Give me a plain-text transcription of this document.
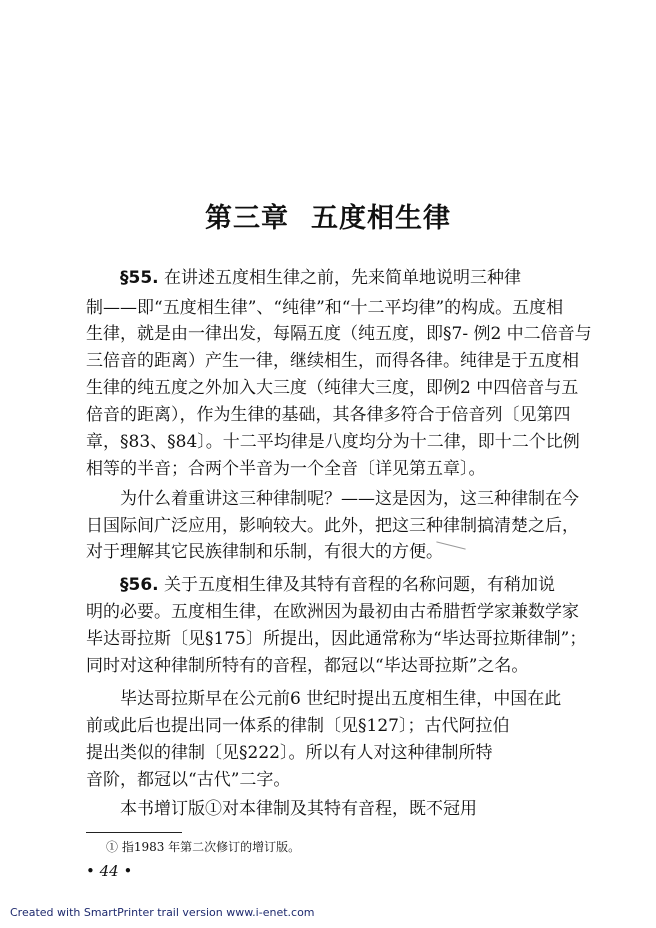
第三章 五度相生律
§55. 在讲述五度相生律之前，先来简单地说明三种律
制——即“五度相生律”、“纯律”和“十二平均律”的构成。五度相
生律，就是由一律出发，每隔五度（纯五度，即§7- 例2 中二倍音与
三倍音的距离）产生一律，继续相生，而得各律。纯律是于五度相
生律的纯五度之外加入大三度（纯律大三度，即例2 中四倍音与五
倍音的距离），作为生律的基础，其各律多符合于倍音列〔见第四
章，§83、§84〕。十二平均律是八度均分为十二律，即十二个比例
相等的半音；合两个半音为一个全音〔详见第五章〕。
为什么着重讲这三种律制呢？——这是因为，这三种律制在今
日国际间广泛应用，影响较大。此外，把这三种律制搞清楚之后，
对于理解其它民族律制和乐制，有很大的方便。
§56. 关于五度相生律及其特有音程的名称问题，有稍加说
明的必要。五度相生律，在欧洲因为最初由古希腊哲学家兼数学家
毕达哥拉斯〔见§175〕所提出，因此通常称为“毕达哥拉斯律制”；
同时对这种律制所特有的音程，都冠以“毕达哥拉斯”之名。
毕达哥拉斯早在公元前6 世纪时提出五度相生律，中国在此
前或此后也提出同一体系的律制〔见§127〕；古代阿拉伯
提出类似的律制〔见§222〕。所以有人对这种律制所特
音阶，都冠以“古代”二字。
本书增订版①对本律制及其特有音程，既不冠用
① 指1983 年第二次修订的增订版。
• 44 •
Created with SmartPrinter trail version www.i-enet.com
